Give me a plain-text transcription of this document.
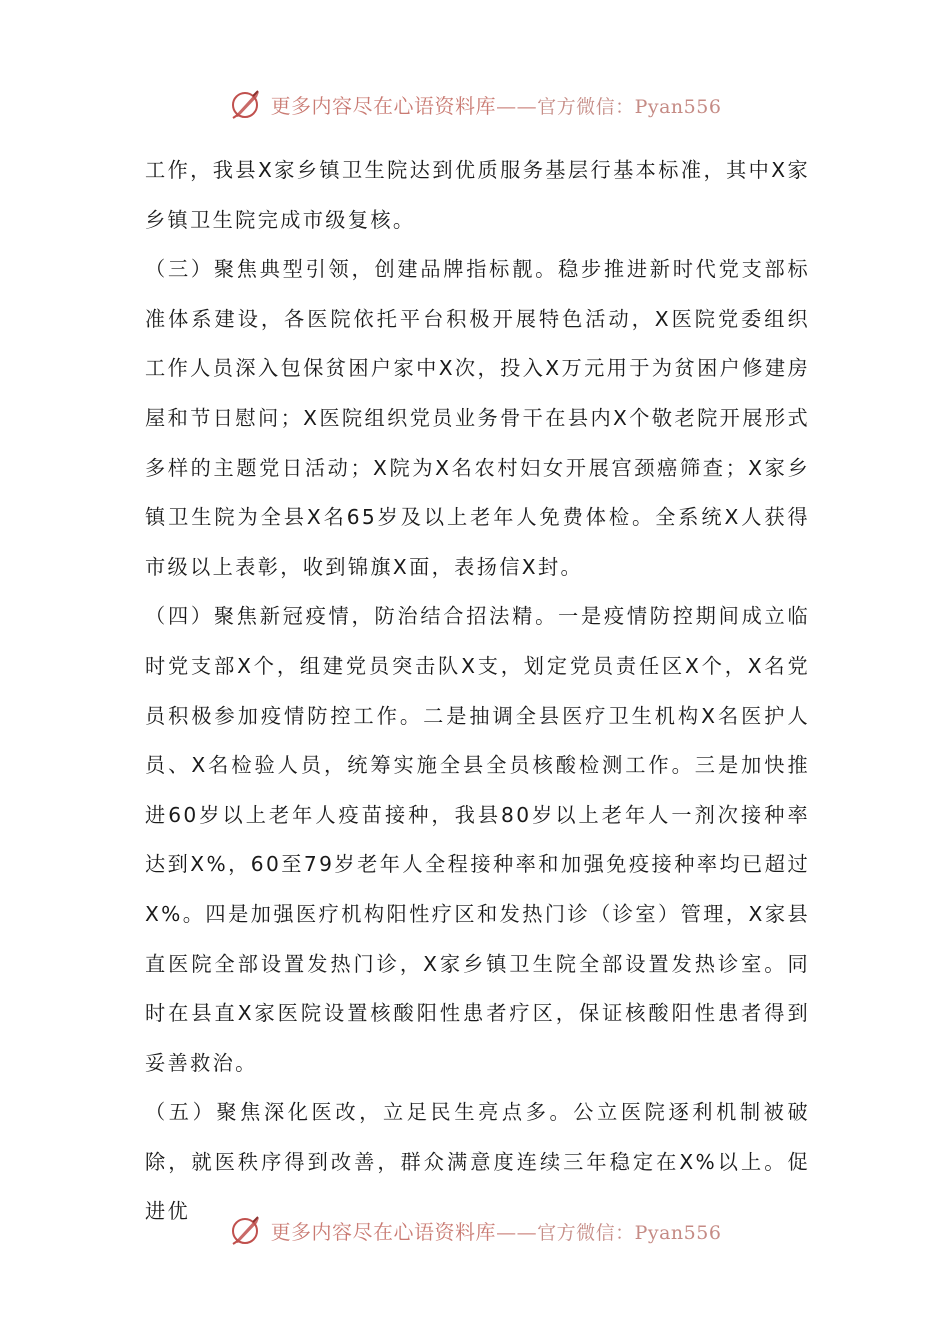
更多内容尽在心语资料库——官方微信：Pyan556

工作，我县X家乡镇卫生院达到优质服务基层行基本标准，其中X家乡镇卫生院完成市级复核。

（三）聚焦典型引领，创建品牌指标靓。稳步推进新时代党支部标准体系建设，各医院依托平台积极开展特色活动，X医院党委组织工作人员深入包保贫困户家中X次，投入X万元用于为贫困户修建房屋和节日慰问；X医院组织党员业务骨干在县内X个敬老院开展形式多样的主题党日活动；X院为X名农村妇女开展宫颈癌筛查；X家乡镇卫生院为全县X名65岁及以上老年人免费体检。全系统X人获得市级以上表彰，收到锦旗X面，表扬信X封。

（四）聚焦新冠疫情，防治结合招法精。一是疫情防控期间成立临时党支部X个，组建党员突击队X支，划定党员责任区X个，X名党员积极参加疫情防控工作。二是抽调全县医疗卫生机构X名医护人员、X名检验人员，统筹实施全县全员核酸检测工作。三是加快推进60岁以上老年人疫苗接种，我县80岁以上老年人一剂次接种率达到X%，60至79岁老年人全程接种率和加强免疫接种率均已超过X%。四是加强医疗机构阳性疗区和发热门诊（诊室）管理，X家县直医院全部设置发热门诊，X家乡镇卫生院全部设置发热诊室。同时在县直X家医院设置核酸阳性患者疗区，保证核酸阳性患者得到妥善救治。

（五）聚焦深化医改，立足民生亮点多。公立医院逐利机制被破除，就医秩序得到改善，群众满意度连续三年稳定在X%以上。促进优

更多内容尽在心语资料库——官方微信：Pyan556
